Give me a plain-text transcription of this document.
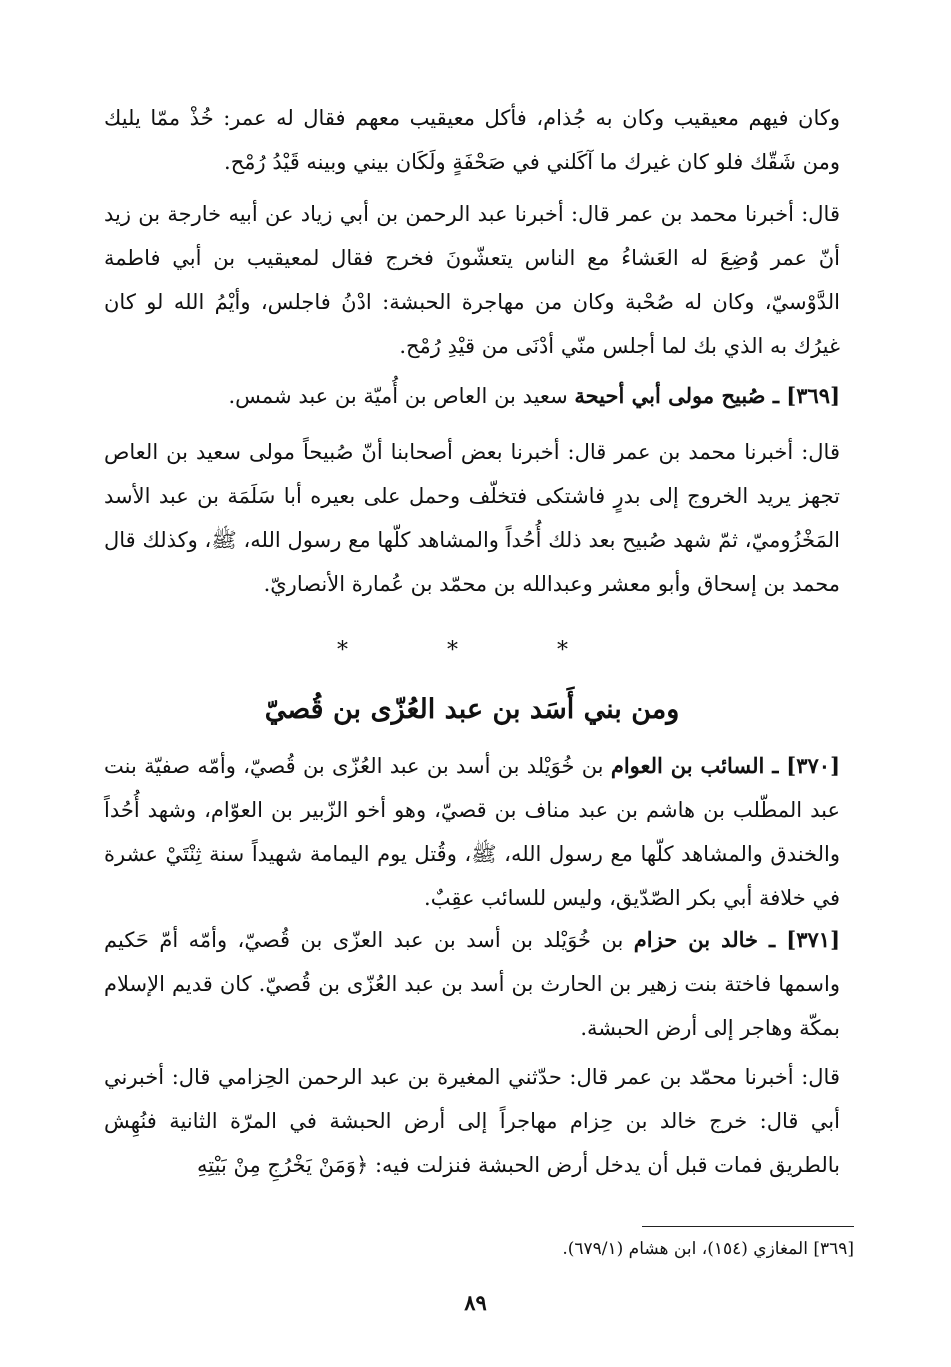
وكان فيهم معيقيب وكان به جُذام، فأكل معيقيب معهم فقال له عمر: خُذْ ممّا يليك ومن شَقّك فلو كان غيرك ما آكَلني في صَحْفَةٍ ولَكَان بيني وبينه قَيْدُ رُمْح.

قال: أخبرنا محمد بن عمر قال: أخبرنا عبد الرحمن بن أبي زياد عن أبيه خارجة بن زيد أنّ عمر وُضِعَ له العَشاءُ مع الناس يتعشّونَ فخرج فقال لمعيقيب بن أبي فاطمة الدَّوْسيّ، وكان له صُحْبة وكان من مهاجرة الحبشة: ادْنُ فاجلس، وأيْمُ الله لو كان غيرُك به الذي بك لما أجلس منّي أدْنَى من قيْدِ رُمْح.

[٣٦٩] ـ صُبيح مولى أبي أحيحة سعيد بن العاص بن أُميّة بن عبد شمس.

قال: أخبرنا محمد بن عمر قال: أخبرنا بعض أصحابنا أنّ صُبيحاً مولى سعيد بن العاص تجهز يريد الخروج إلى بدرٍ فاشتكى فتخلّف وحمل على بعيره أبا سَلَمَة بن عبد الأسد المَخْزُوميّ، ثمّ شهد صُبيح بعد ذلك أُحُداً والمشاهد كلّها مع رسول الله، ﷺ، وكذلك قال محمد بن إسحاق وأبو معشر وعبدالله بن محمّد بن عُمارة الأنصاريّ.

* * *
ومن بني أَسَد بن عبد العُزّى بن قُصيّ

[٣٧٠] ـ السائب بن العوام بن خُوَيْلد بن أسد بن عبد العُزّى بن قُصيّ، وأمّه صفيّة بنت عبد المطّلب بن هاشم بن عبد مناف بن قصيّ، وهو أخو الزّبير بن العوّام، وشهد أُحُداً والخندق والمشاهد كلّها مع رسول الله، ﷺ، وقُتل يوم اليمامة شهيداً سنة ثِنْتَيْ عشرة في خلافة أبي بكر الصّدّيق، وليس للسائب عقِبٌ.

[٣٧١] ـ خالد بن حزام بن خُوَيْلد بن أسد بن عبد العزّى بن قُصيّ، وأمّه أمّ حَكيم واسمها فاختة بنت زهير بن الحارث بن أسد بن عبد العُزّى بن قُصيّ. كان قديم الإسلام بمكّة وهاجر إلى أرض الحبشة.

قال: أخبرنا محمّد بن عمر قال: حدّثني المغيرة بن عبد الرحمن الحِزامي قال: أخبرني أبي قال: خرج خالد بن حِزام مهاجراً إلى أرض الحبشة في المرّة الثانية فنُهِش بالطريق فمات قبل أن يدخل أرض الحبشة فنزلت فيه: ﴿وَمَنْ يَخْرُجِ مِنْ بَيْتِهِ

[٣٦٩] المغازي (١٥٤)، ابن هشام (٦٧٩/١).
٨٩
